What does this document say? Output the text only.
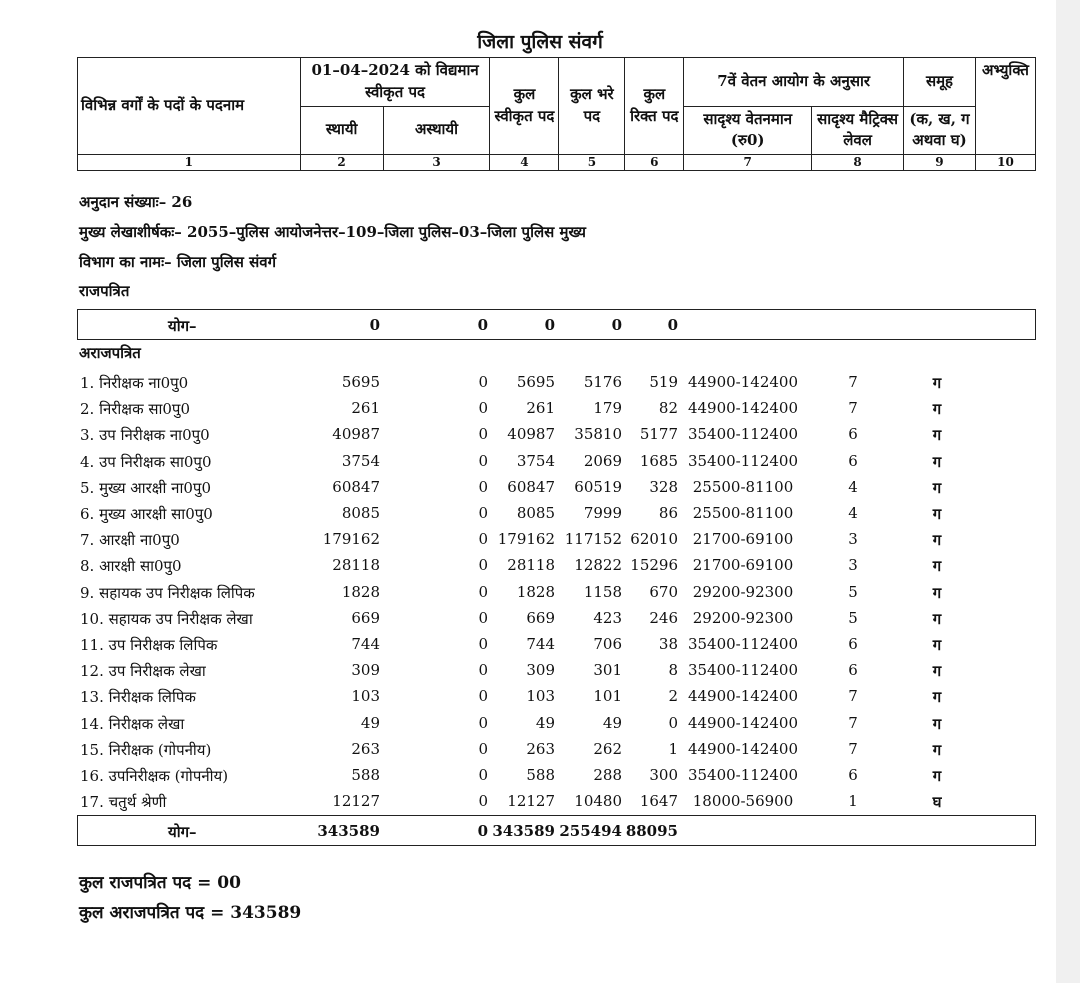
जिला पुलिस संवर्ग
विभिन्न वर्गों के पदों के पदनाम	01–04–2024 को विद्यमान स्वीकृत पद		कुल स्वीकृत पद	कुल भरे पद	कुल रिक्त पद	7वें वेतन आयोग के अनुसार		समूह	अभ्युक्ति
	स्थायी	अस्थायी				सादृश्य वेतनमान (रु0)	सादृश्य मैट्रिक्स लेवल	(क, ख, ग अथवा घ)	
1	2	3	4	5	6	7	8	9	10
अनुदान संख्याः– 26
मुख्य लेखाशीर्षकः– 2055–पुलिस आयोजनेत्तर–109–जिला पुलिस–03–जिला पुलिस मुख्य
विभाग का नामः– जिला पुलिस संवर्ग
राजपत्रित
योग–	0	0	0	0	0
अराजपत्रित
1. निरीक्षक ना0पु0	5695	0	5695	5176	519 44900-142400	7	ग
2. निरीक्षक सा0पु0	261	0	261	179	82 44900-142400	7	ग
3. उप निरीक्षक ना0पु0	40987	0	40987	35810	5177 35400-112400	6	ग
4. उप निरीक्षक सा0पु0	3754	0	3754	2069	1685 35400-112400	6	ग
5. मुख्य आरक्षी ना0पु0	60847	0	60847	60519	328 25500-81100	4	ग
6. मुख्य आरक्षी सा0पु0	8085	0	8085	7999	86 25500-81100	4	ग
7. आरक्षी ना0पु0	179162	0 179162 117152 62010 21700-69100	3	ग
8. आरक्षी सा0पु0	28118	0	28118	12822 15296 21700-69100	3	ग
9. सहायक उप निरीक्षक लिपिक	1828	0	1828	1158	670 29200-92300	5	ग
10. सहायक उप निरीक्षक लेखा	669	0	669	423	246 29200-92300	5	ग
11. उप निरीक्षक लिपिक	744	0	744	706	38 35400-112400	6	ग
12. उप निरीक्षक लेखा	309	0	309	301	8 35400-112400	6	ग
13. निरीक्षक लिपिक	103	0	103	101	2 44900-142400	7	ग
14. निरीक्षक लेखा	49	0	49	49	0 44900-142400	7	ग
15. निरीक्षक (गोपनीय)	263	0	263	262	1 44900-142400	7	ग
16. उपनिरीक्षक (गोपनीय)	588	0	588	288	300 35400-112400	6	ग
17. चतुर्थ श्रेणी	12127	0	12127	10480	1647 18000-56900	1	घ
योग–	343589	0 343589 255494 88095
कुल राजपत्रित पद = 00
कुल अराजपत्रित पद = 343589
